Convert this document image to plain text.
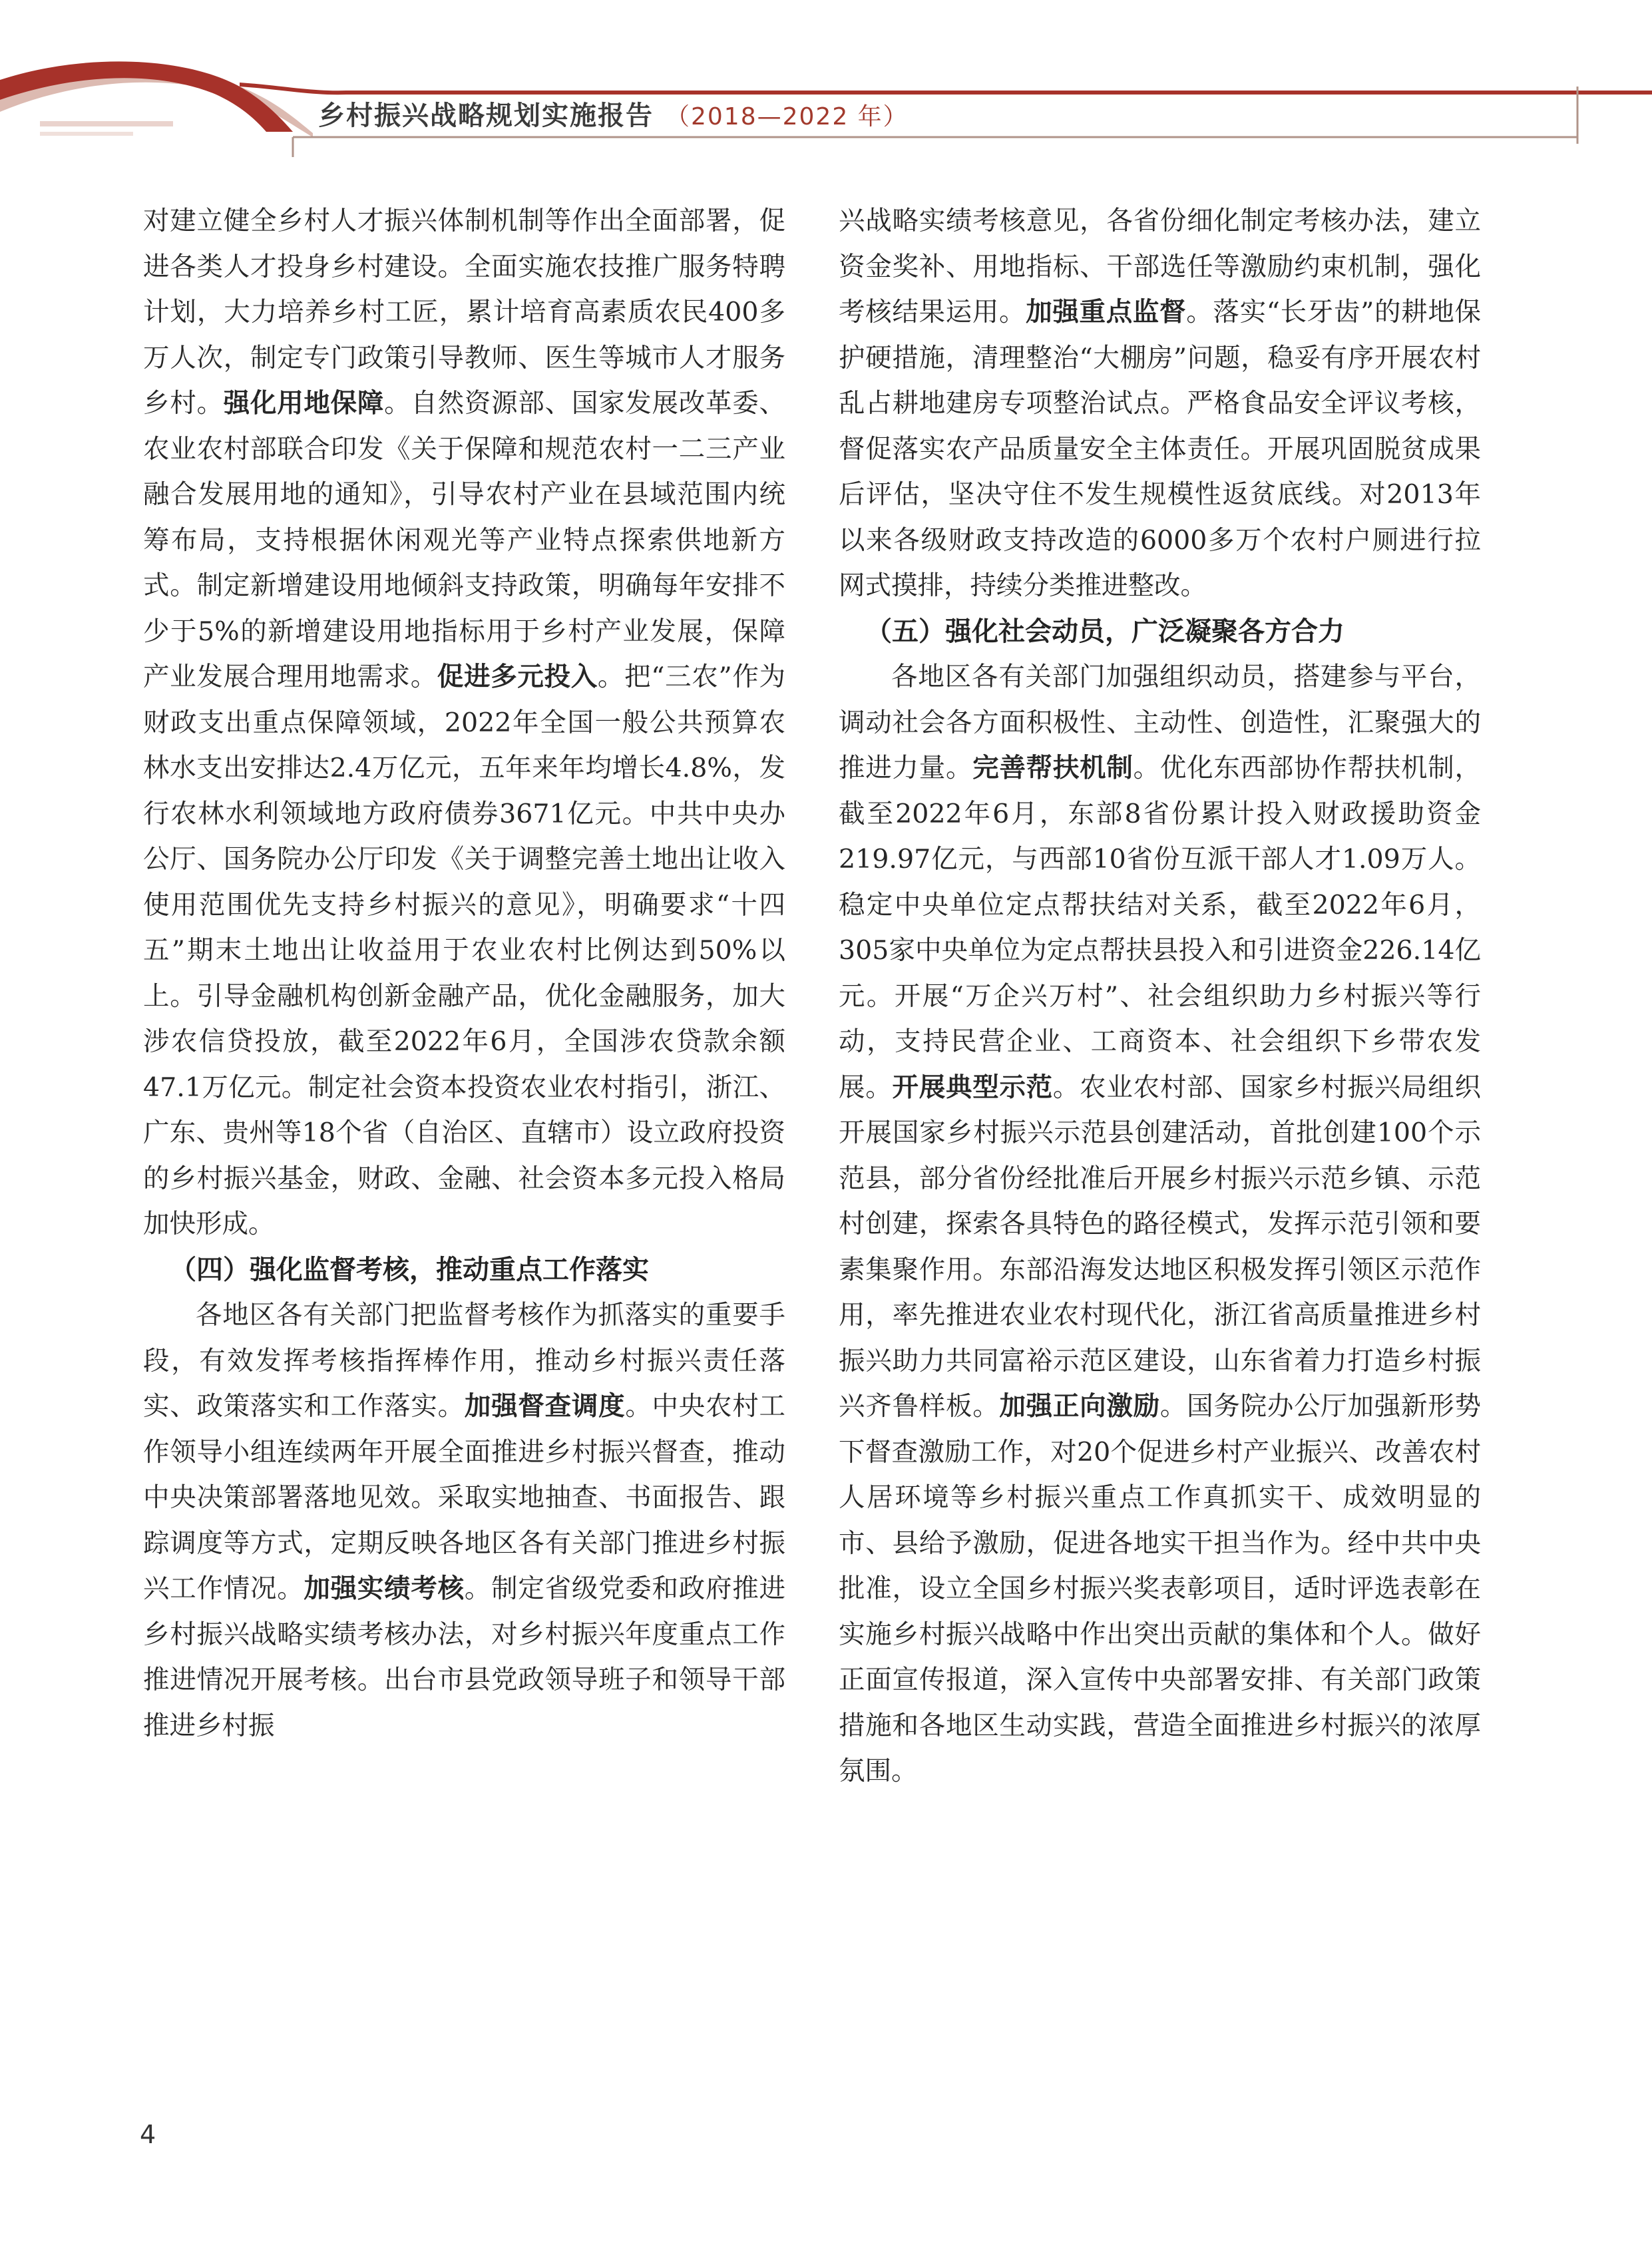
乡村振兴战略规划实施报告 （2018—2022 年）

对建立健全乡村人才振兴体制机制等作出全面部署，促进各类人才投身乡村建设。全面实施农技推广服务特聘计划，大力培养乡村工匠，累计培育高素质农民400多万人次，制定专门政策引导教师、医生等城市人才服务乡村。强化用地保障。自然资源部、国家发展改革委、农业农村部联合印发《关于保障和规范农村一二三产业融合发展用地的通知》，引导农村产业在县域范围内统筹布局，支持根据休闲观光等产业特点探索供地新方式。制定新增建设用地倾斜支持政策，明确每年安排不少于5%的新增建设用地指标用于乡村产业发展，保障产业发展合理用地需求。促进多元投入。把“三农”作为财政支出重点保障领域，2022年全国一般公共预算农林水支出安排达2.4万亿元，五年来年均增长4.8%，发行农林水利领域地方政府债券3671亿元。中共中央办公厅、国务院办公厅印发《关于调整完善土地出让收入使用范围优先支持乡村振兴的意见》，明确要求“十四五”期末土地出让收益用于农业农村比例达到50%以上。引导金融机构创新金融产品，优化金融服务，加大涉农信贷投放，截至2022年6月，全国涉农贷款余额47.1万亿元。制定社会资本投资农业农村指引，浙江、广东、贵州等18个省（自治区、直辖市）设立政府投资的乡村振兴基金，财政、金融、社会资本多元投入格局加快形成。

（四）强化监督考核，推动重点工作落实

各地区各有关部门把监督考核作为抓落实的重要手段，有效发挥考核指挥棒作用，推动乡村振兴责任落实、政策落实和工作落实。加强督查调度。中央农村工作领导小组连续两年开展全面推进乡村振兴督查，推动中央决策部署落地见效。采取实地抽查、书面报告、跟踪调度等方式，定期反映各地区各有关部门推进乡村振兴工作情况。加强实绩考核。制定省级党委和政府推进乡村振兴战略实绩考核办法，对乡村振兴年度重点工作推进情况开展考核。出台市县党政领导班子和领导干部推进乡村振

兴战略实绩考核意见，各省份细化制定考核办法，建立资金奖补、用地指标、干部选任等激励约束机制，强化考核结果运用。加强重点监督。落实“长牙齿”的耕地保护硬措施，清理整治“大棚房”问题，稳妥有序开展农村乱占耕地建房专项整治试点。严格食品安全评议考核，督促落实农产品质量安全主体责任。开展巩固脱贫成果后评估，坚决守住不发生规模性返贫底线。对2013年以来各级财政支持改造的6000多万个农村户厕进行拉网式摸排，持续分类推进整改。

（五）强化社会动员，广泛凝聚各方合力

各地区各有关部门加强组织动员，搭建参与平台，调动社会各方面积极性、主动性、创造性，汇聚强大的推进力量。完善帮扶机制。优化东西部协作帮扶机制，截至2022年6月，东部8省份累计投入财政援助资金219.97亿元，与西部10省份互派干部人才1.09万人。稳定中央单位定点帮扶结对关系，截至2022年6月，305家中央单位为定点帮扶县投入和引进资金226.14亿元。开展“万企兴万村”、社会组织助力乡村振兴等行动，支持民营企业、工商资本、社会组织下乡带农发展。开展典型示范。农业农村部、国家乡村振兴局组织开展国家乡村振兴示范县创建活动，首批创建100个示范县，部分省份经批准后开展乡村振兴示范乡镇、示范村创建，探索各具特色的路径模式，发挥示范引领和要素集聚作用。东部沿海发达地区积极发挥引领区示范作用，率先推进农业农村现代化，浙江省高质量推进乡村振兴助力共同富裕示范区建设，山东省着力打造乡村振兴齐鲁样板。加强正向激励。国务院办公厅加强新形势下督查激励工作，对20个促进乡村产业振兴、改善农村人居环境等乡村振兴重点工作真抓实干、成效明显的市、县给予激励，促进各地实干担当作为。经中共中央批准，设立全国乡村振兴奖表彰项目，适时评选表彰在实施乡村振兴战略中作出突出贡献的集体和个人。做好正面宣传报道，深入宣传中央部署安排、有关部门政策措施和各地区生动实践，营造全面推进乡村振兴的浓厚氛围。

4
